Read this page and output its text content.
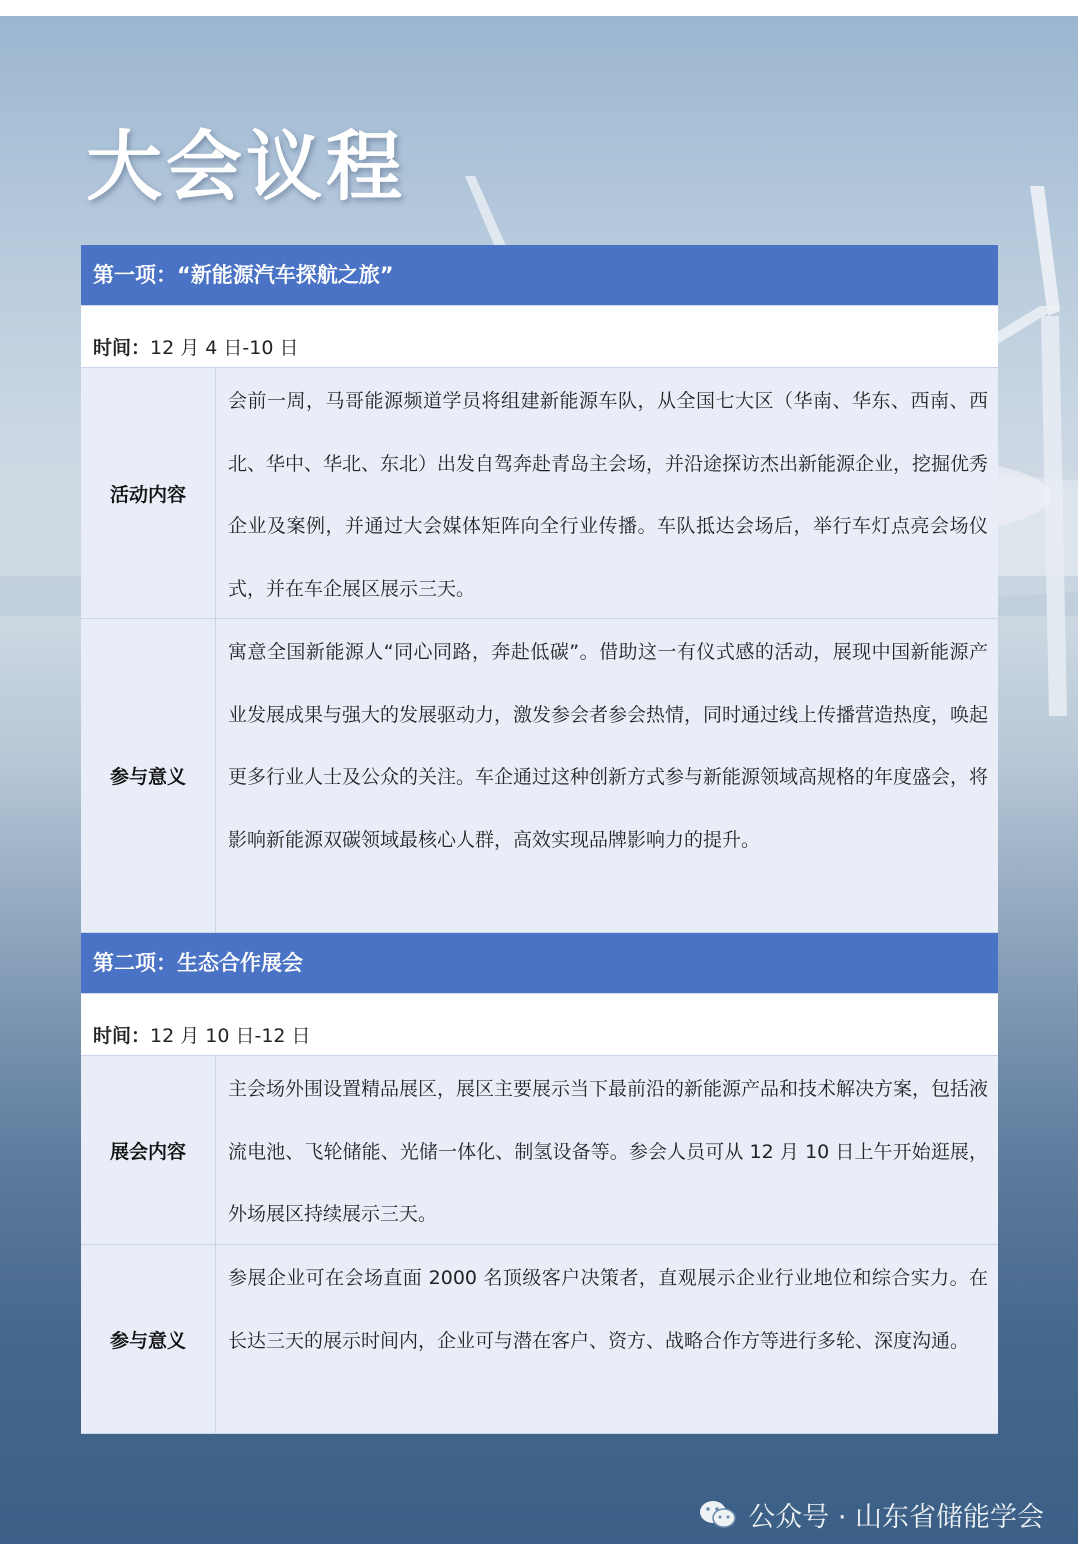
大会议程
第一项：“新能源汽车探航之旅”
时间：12 月 4 日-10 日
活动内容
会前一周，马哥能源频道学员将组建新能源车队，从全国七大区（华南、华东、西南、西北、华中、华北、东北）出发自驾奔赴青岛主会场，并沿途探访杰出新能源企业，挖掘优秀企业及案例，并通过大会媒体矩阵向全行业传播。车队抵达会场后，举行车灯点亮会场仪式，并在车企展区展示三天。
参与意义
寓意全国新能源人“同心同路，奔赴低碳”。借助这一有仪式感的活动，展现中国新能源产业发展成果与强大的发展驱动力，激发参会者参会热情，同时通过线上传播营造热度，唤起更多行业人士及公众的关注。车企通过这种创新方式参与新能源领域高规格的年度盛会，将影响新能源双碳领域最核心人群，高效实现品牌影响力的提升。
第二项：生态合作展会
时间：12 月 10 日-12 日
展会内容
主会场外围设置精品展区，展区主要展示当下最前沿的新能源产品和技术解决方案，包括液流电池、飞轮储能、光储一体化、制氢设备等。参会人员可从 12 月 10 日上午开始逛展，外场展区持续展示三天。
参与意义
参展企业可在会场直面 2000 名顶级客户决策者，直观展示企业行业地位和综合实力。在长达三天的展示时间内，企业可与潜在客户、资方、战略合作方等进行多轮、深度沟通。
公众号 · 山东省储能学会
